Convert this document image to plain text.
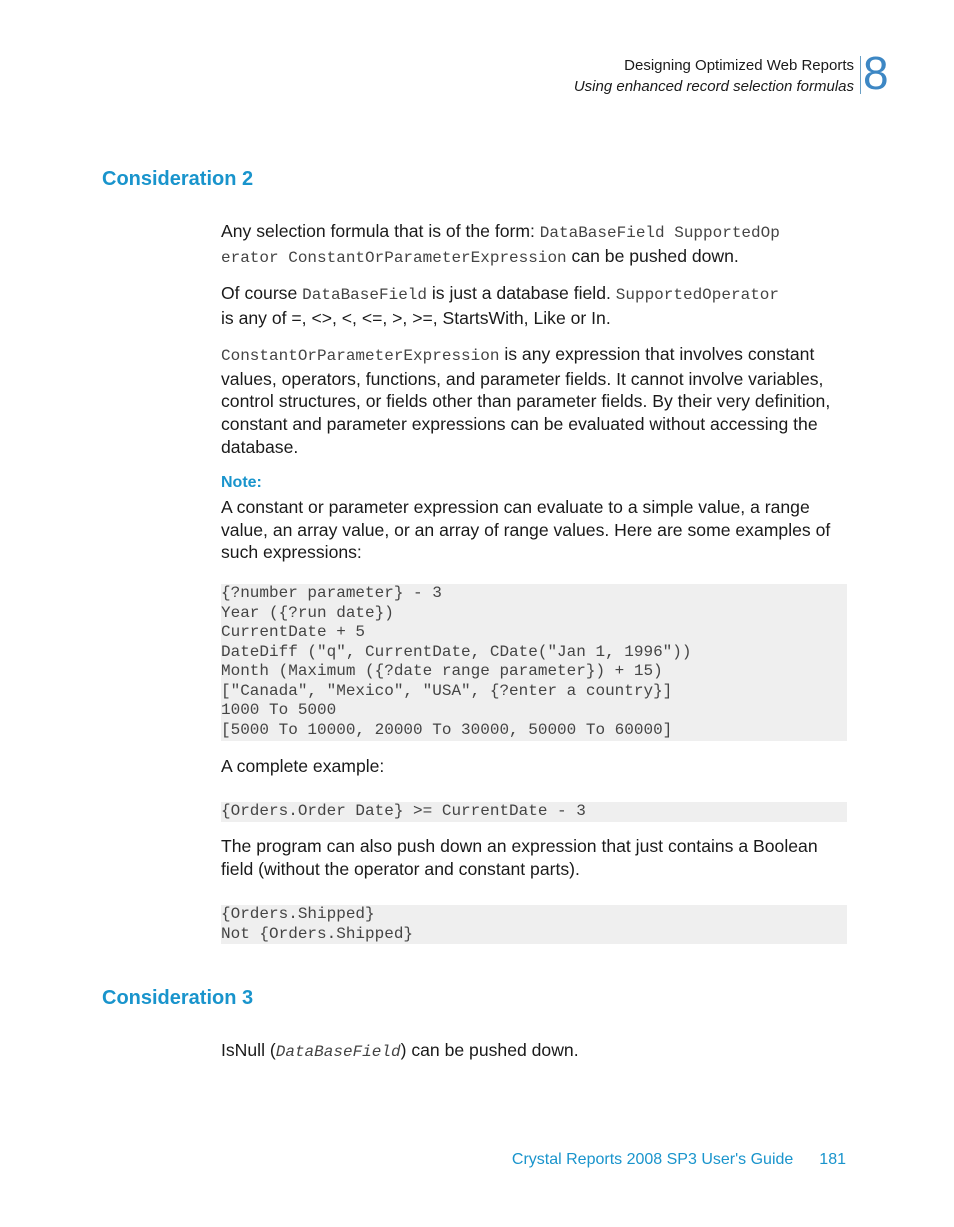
Designing Optimized Web Reports
Using enhanced record selection formulas 8
Consideration 2

Any selection formula that is of the form: DataBaseField SupportedOp
erator ConstantOrParameterExpression can be pushed down.

Of course DataBaseField is just a database field. SupportedOperator
is any of =, <>, <, <=, >, >=, StartsWith, Like or In.

ConstantOrParameterExpression is any expression that involves constant values, operators, functions, and parameter fields. It cannot involve variables, control structures, or fields other than parameter fields. By their very definition, constant and parameter expressions can be evaluated without accessing the database.

Note:

A constant or parameter expression can evaluate to a simple value, a range value, an array value, or an array of range values. Here are some examples of such expressions:

{?number parameter} - 3
Year ({?run date})
CurrentDate + 5
DateDiff ("q", CurrentDate, CDate("Jan 1, 1996"))
Month (Maximum ({?date range parameter}) + 15)
["Canada", "Mexico", "USA", {?enter a country}]
1000 To 5000
[5000 To 10000, 20000 To 30000, 50000 To 60000]

A complete example:

{Orders.Order Date} >= CurrentDate - 3

The program can also push down an expression that just contains a Boolean field (without the operator and constant parts).

{Orders.Shipped}
Not {Orders.Shipped}
Consideration 3

IsNull (DataBaseField) can be pushed down.

Crystal Reports 2008 SP3 User's Guide 181
